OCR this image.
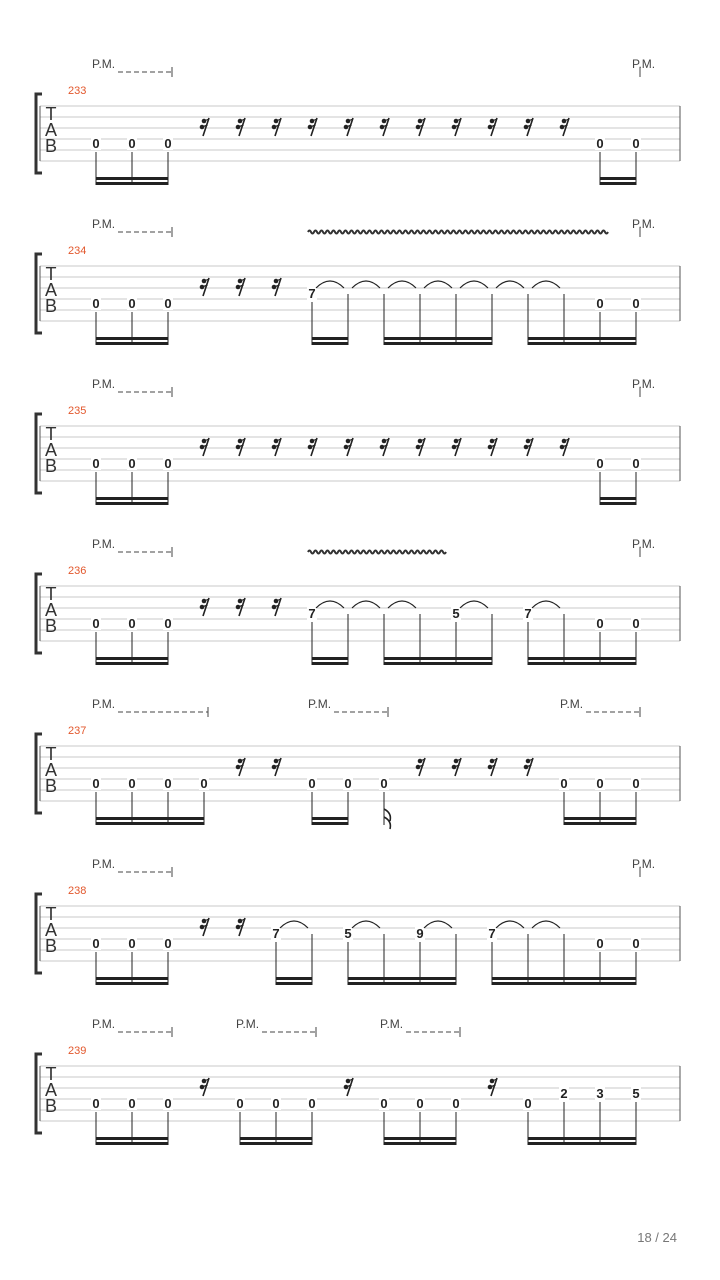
T
A
B
233
P.M.	P.M.
0 0 0	0 0
T
A
B
234
P.M.	P.M.
0 0 0
7
0 0
T
A
B
235
P.M.	P.M.
0 0 0	0 0
T
A
B
236
P.M.	P.M.
0 0 0
7	5	7
0 0
T
A
B
237
P.M.	P.M.	P.M.
0 0 0 0	0 0 0	0 0 0
T
A
B
238
P.M.	P.M.
0 0 0
7	5	9	7
0 0
T
A
B
239
P.M.	P.M.	P.M.
0 0 0	0 0 0	0 0 0	0
2 3 5
18 / 24
